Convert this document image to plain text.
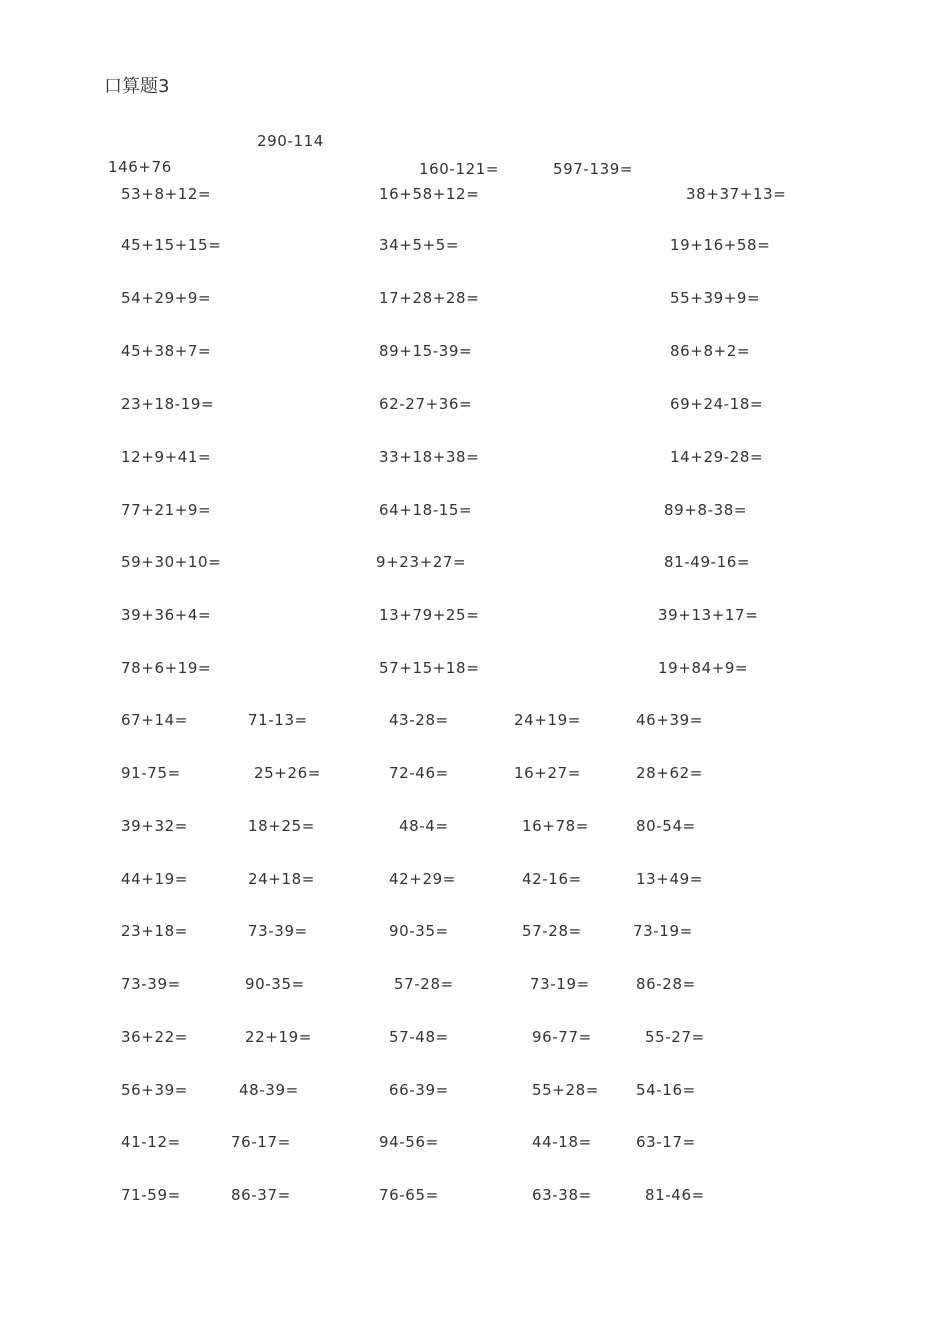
口算题3
290-114
146+76	160-121=	597-139=
53+8+12=	16+58+12=	38+37+13=
45+15+15=	34+5+5=	19+16+58=
54+29+9=	17+28+28=	55+39+9=
45+38+7=	89+15-39=	86+8+2=
23+18-19=	62-27+36=	69+24-18=
12+9+41=	33+18+38=	14+29-28=
77+21+9=	64+18-15=	89+8-38=
59+30+10=	9+23+27=	81-49-16=
39+36+4=	13+79+25=	39+13+17=
78+6+19=	57+15+18=	19+84+9=
67+14=	71-13=	43-28=	24+19=	46+39=
91-75=	25+26=	72-46=	16+27=	28+62=
39+32=	18+25=	48-4=	16+78=	80-54=
44+19=	24+18=	42+29=	42-16=	13+49=
23+18=	73-39=	90-35=	57-28=	73-19=
73-39=	90-35=	57-28=	73-19=	86-28=
36+22=	22+19=	57-48=	96-77=	55-27=
56+39=	48-39=	66-39=	55+28= 54-16=
41-12=	76-17=	94-56=	44-18=	63-17=
71-59=	86-37=	76-65=	63-38=	81-46=
